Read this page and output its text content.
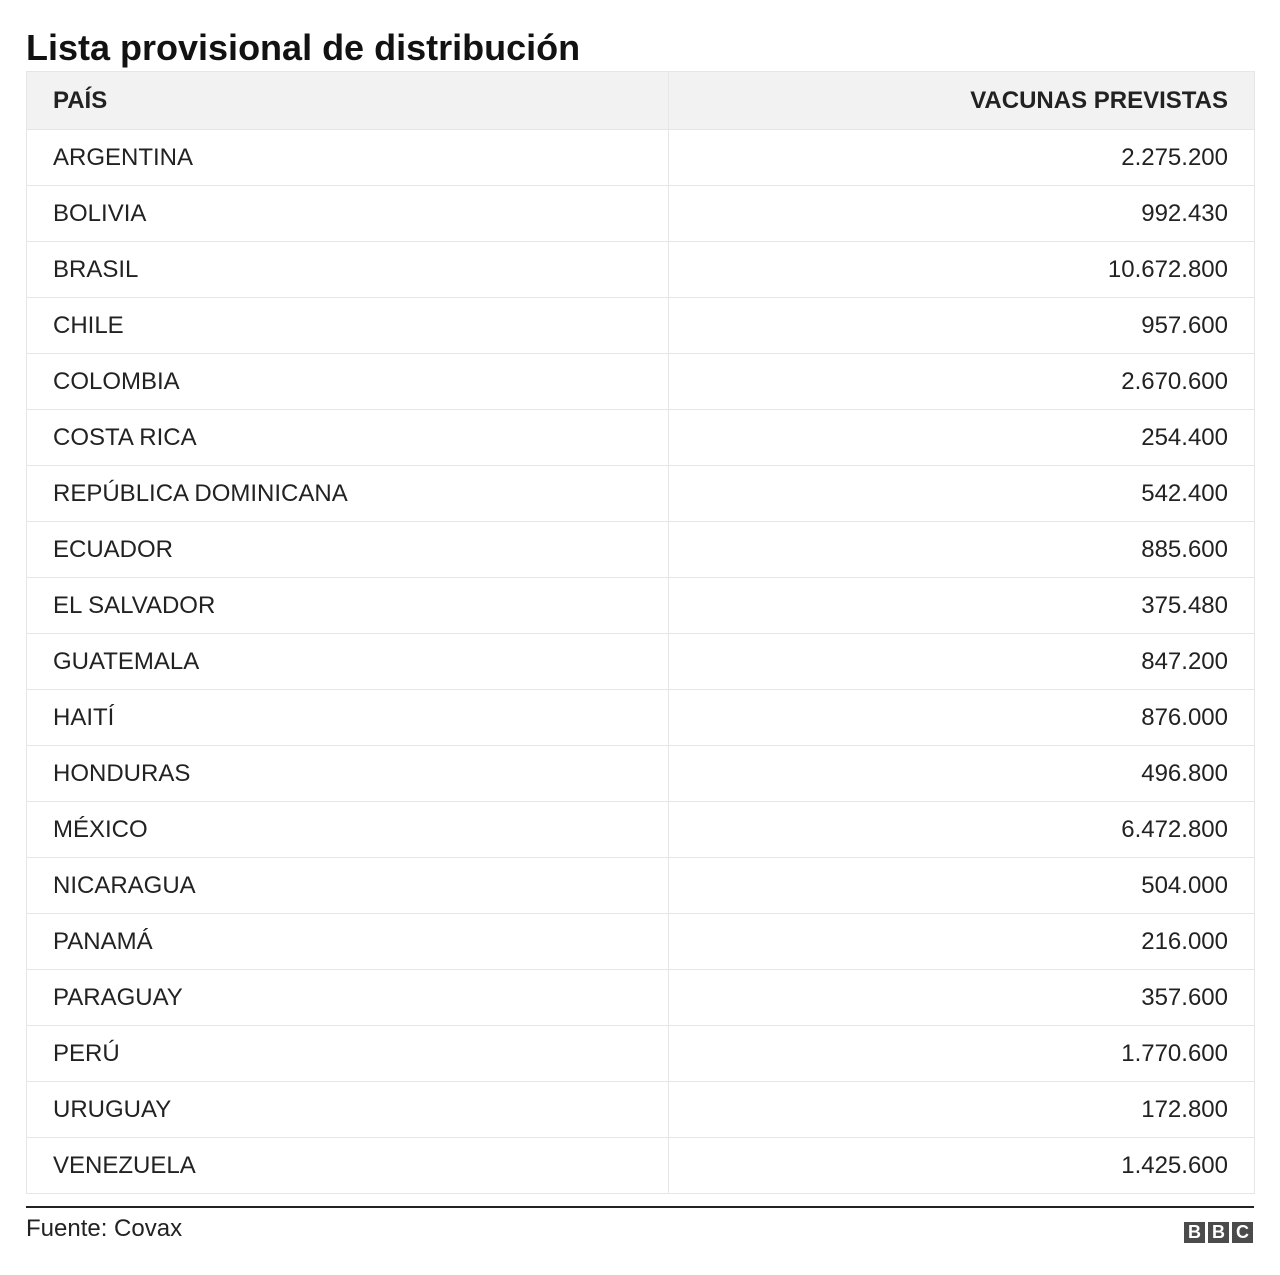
Lista provisional de distribución
PAÍS	VACUNAS PREVISTAS
ARGENTINA	2.275.200
BOLIVIA	992.430
BRASIL	10.672.800
CHILE	957.600
COLOMBIA	2.670.600
COSTA RICA	254.400
REPÚBLICA DOMINICANA	542.400
ECUADOR	885.600
EL SALVADOR	375.480
GUATEMALA	847.200
HAITÍ	876.000
HONDURAS	496.800
MÉXICO	6.472.800
NICARAGUA	504.000
PANAMÁ	216.000
PARAGUAY	357.600
PERÚ	1.770.600
URUGUAY	172.800
VENEZUELA	1.425.600
Fuente: Covax	B B C
